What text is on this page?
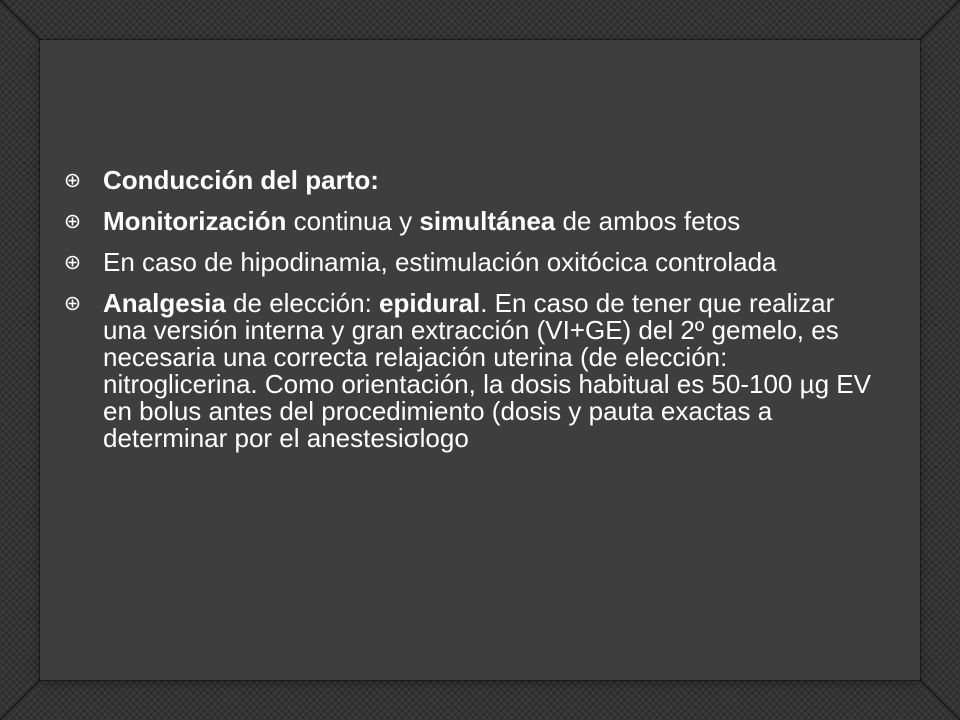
Conducción del parto:
Monitorización continua y simultánea de ambos fetos
En caso de hipodinamia, estimulación oxitócica controlada
Analgesia de elección: epidural. En caso de tener que realizar una versión interna y gran extracción (VI+GE) del 2º gemelo, es necesaria una correcta relajación uterina (de elección: nitroglicerina. Como orientación, la dosis habitual es 50-100 µg EV en bolus antes del procedimiento (dosis y pauta exactas a determinar por el anestesiσlogo
